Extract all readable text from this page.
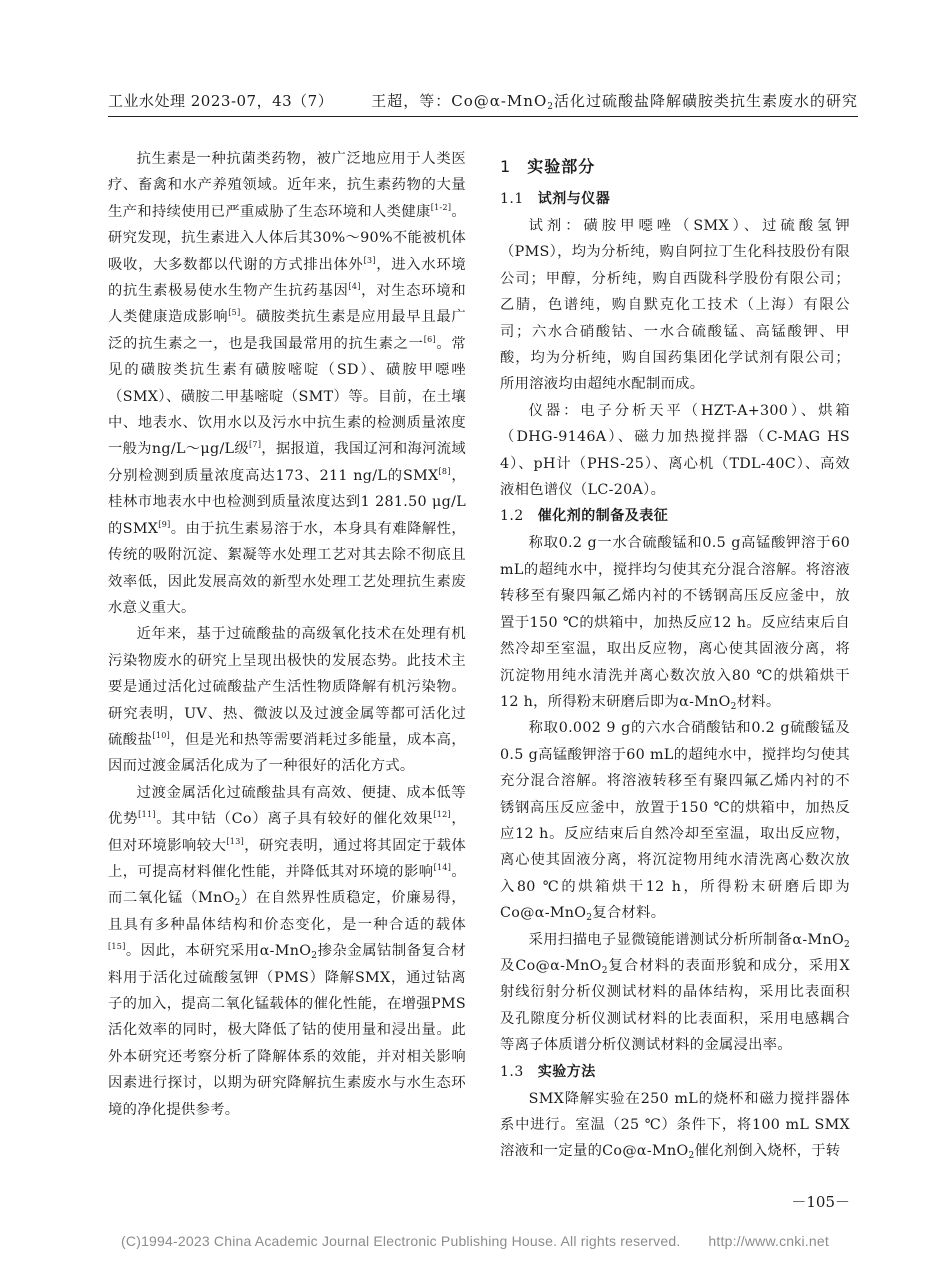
工业水处理 2023-07，43（7）	王超，等：Co@α-MnO$_2$活化过硫酸盐降解磺胺类抗生素废水的研究

抗生素是一种抗菌类药物，被广泛地应用于人类医疗、畜禽和水产养殖领域。近年来，抗生素药物的大量生产和持续使用已严重威胁了生态环境和人类健康[1-2]。研究发现，抗生素进入人体后其30%～90%不能被机体吸收，大多数都以代谢的方式排出体外[3]，进入水环境的抗生素极易使水生物产生抗药基因[4]，对生态环境和人类健康造成影响[5]。磺胺类抗生素是应用最早且最广泛的抗生素之一，也是我国最常用的抗生素之一[6]。常见的磺胺类抗生素有磺胺嘧啶（SD）、磺胺甲噁唑（SMX）、磺胺二甲基嘧啶（SMT）等。目前，在土壤中、地表水、饮用水以及污水中抗生素的检测质量浓度一般为ng/L～μg/L级[7]，据报道，我国辽河和海河流域分别检测到质量浓度高达173、211 ng/L的SMX[8]，桂林市地表水中也检测到质量浓度达到1 281.50 μg/L的SMX[9]。由于抗生素易溶于水，本身具有难降解性，传统的吸附沉淀、絮凝等水处理工艺对其去除不彻底且效率低，因此发展高效的新型水处理工艺处理抗生素废水意义重大。

近年来，基于过硫酸盐的高级氧化技术在处理有机污染物废水的研究上呈现出极快的发展态势。此技术主要是通过活化过硫酸盐产生活性物质降解有机污染物。研究表明，UV、热、微波以及过渡金属等都可活化过硫酸盐[10]，但是光和热等需要消耗过多能量，成本高，因而过渡金属活化成为了一种很好的活化方式。

过渡金属活化过硫酸盐具有高效、便捷、成本低等优势[11]。其中钴（Co）离子具有较好的催化效果[12]，但对环境影响较大[13]，研究表明，通过将其固定于载体上，可提高材料催化性能，并降低其对环境的影响[14]。而二氧化锰（MnO$_2$）在自然界性质稳定，价廉易得，且具有多种晶体结构和价态变化，是一种合适的载体[15]。因此，本研究采用α-MnO$_2$掺杂金属钴制备复合材料用于活化过硫酸氢钾（PMS）降解SMX，通过钴离子的加入，提高二氧化锰载体的催化性能，在增强PMS活化效率的同时，极大降低了钴的使用量和浸出量。此外本研究还考察分析了降解体系的效能，并对相关影响因素进行探讨，以期为研究降解抗生素废水与水生态环境的净化提供参考。

1 实验部分
1.1 试剂与仪器

试剂：磺胺甲噁唑（SMX）、过硫酸氢钾（PMS），均为分析纯，购自阿拉丁生化科技股份有限公司；甲醇，分析纯，购自西陇科学股份有限公司；乙腈，色谱纯，购自默克化工技术（上海）有限公司；六水合硝酸钴、一水合硫酸锰、高锰酸钾、甲酸，均为分析纯，购自国药集团化学试剂有限公司；所用溶液均由超纯水配制而成。

仪器：电子分析天平（HZT-A+300）、烘箱（DHG-9146A）、磁力加热搅拌器（C-MAG HS 4）、pH计（PHS-25）、离心机（TDL-40C）、高效液相色谱仪（LC-20A）。

1.2 催化剂的制备及表征

称取0.2 g一水合硫酸锰和0.5 g高锰酸钾溶于60 mL的超纯水中，搅拌均匀使其充分混合溶解。将溶液转移至有聚四氟乙烯内衬的不锈钢高压反应釜中，放置于150 ℃的烘箱中，加热反应12 h。反应结束后自然冷却至室温，取出反应物，离心使其固液分离，将沉淀物用纯水清洗并离心数次放入80 ℃的烘箱烘干12 h，所得粉末研磨后即为α-MnO$_2$材料。

称取0.002 9 g的六水合硝酸钴和0.2 g硫酸锰及0.5 g高锰酸钾溶于60 mL的超纯水中，搅拌均匀使其充分混合溶解。将溶液转移至有聚四氟乙烯内衬的不锈钢高压反应釜中，放置于150 ℃的烘箱中，加热反应12 h。反应结束后自然冷却至室温，取出反应物，离心使其固液分离，将沉淀物用纯水清洗离心数次放入80 ℃的烘箱烘干12 h，所得粉末研磨后即为Co@α-MnO$_2$复合材料。

采用扫描电子显微镜能谱测试分析所制备α-MnO$_2$及Co@α-MnO$_2$复合材料的表面形貌和成分，采用X射线衍射分析仪测试材料的晶体结构，采用比表面积及孔隙度分析仪测试材料的比表面积，采用电感耦合等离子体质谱分析仪测试材料的金属浸出率。

1.3 实验方法

SMX降解实验在250 mL的烧杯和磁力搅拌器体系中进行。室温（25 ℃）条件下，将100 mL SMX溶液和一定量的Co@α-MnO$_2$催化剂倒入烧杯，于转

－105－
(C)1994-2023 China Academic Journal Electronic Publishing House. All rights reserved. http://www.cnki.net
